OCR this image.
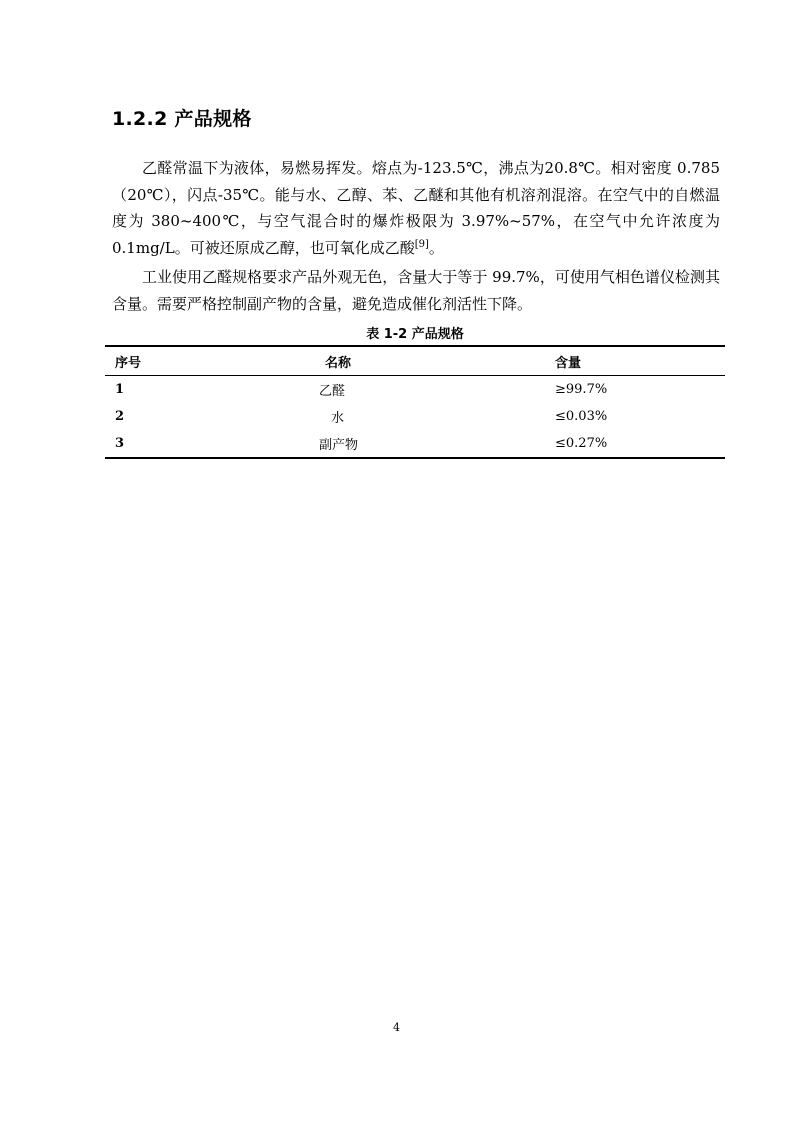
1.2.2 产品规格

乙醛常温下为液体，易燃易挥发。熔点为-123.5℃，沸点为20.8℃。相对密度 0.785（20℃），闪点-35℃。能与水、乙醇、苯、乙醚和其他有机溶剂混溶。在空气中的自燃温度为 380~400℃，与空气混合时的爆炸极限为 3.97%~57%，在空气中允许浓度为 0.1mg/L。可被还原成乙醇，也可氧化成乙酸[9]。

工业使用乙醛规格要求产品外观无色，含量大于等于 99.7%，可使用气相色谱仪检测其含量。需要严格控制副产物的含量，避免造成催化剂活性下降。

表 1-2 产品规格
序号	名称	含量
1	乙醛	≥99.7%
2	水	≤0.03%
3	副产物	≤0.27%
4
